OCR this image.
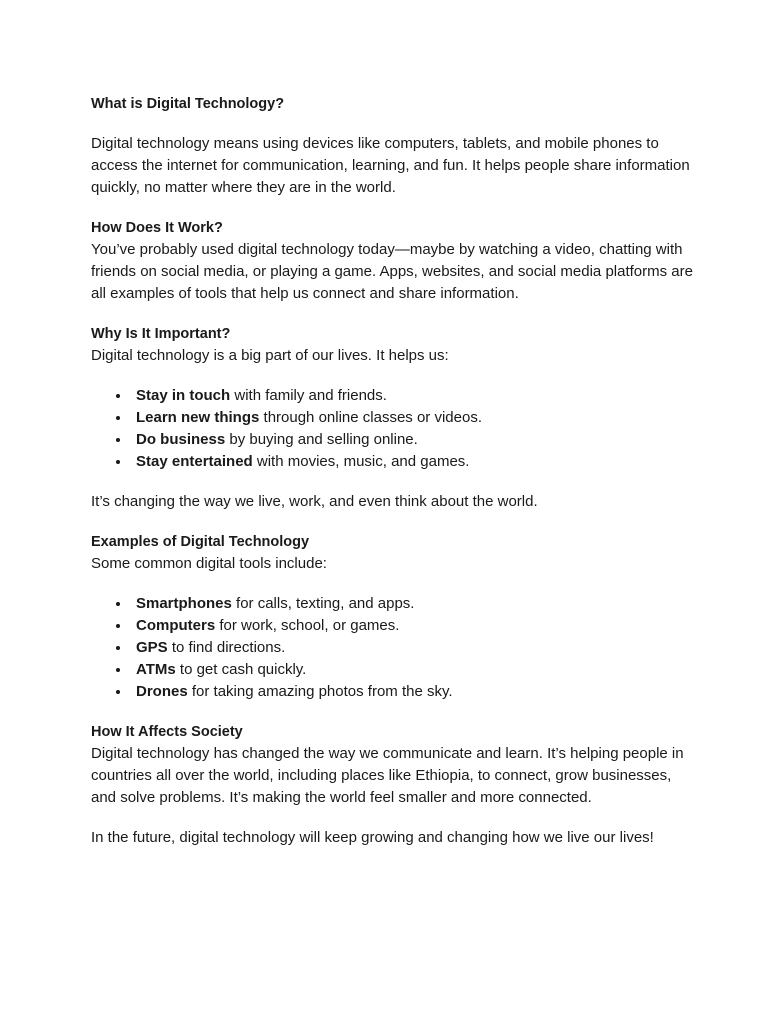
What is Digital Technology?

Digital technology means using devices like computers, tablets, and mobile phones to access the internet for communication, learning, and fun. It helps people share information quickly, no matter where they are in the world.

How Does It Work?

You’ve probably used digital technology today—maybe by watching a video, chatting with friends on social media, or playing a game. Apps, websites, and social media platforms are all examples of tools that help us connect and share information.

Why Is It Important?

Digital technology is a big part of our lives. It helps us:

Stay in touch with family and friends.
Learn new things through online classes or videos.
Do business by buying and selling online.
Stay entertained with movies, music, and games.

It’s changing the way we live, work, and even think about the world.

Examples of Digital Technology

Some common digital tools include:

Smartphones for calls, texting, and apps.
Computers for work, school, or games.
GPS to find directions.
ATMs to get cash quickly.
Drones for taking amazing photos from the sky.

How It Affects Society

Digital technology has changed the way we communicate and learn. It’s helping people in countries all over the world, including places like Ethiopia, to connect, grow businesses, and solve problems. It’s making the world feel smaller and more connected.

In the future, digital technology will keep growing and changing how we live our lives!
